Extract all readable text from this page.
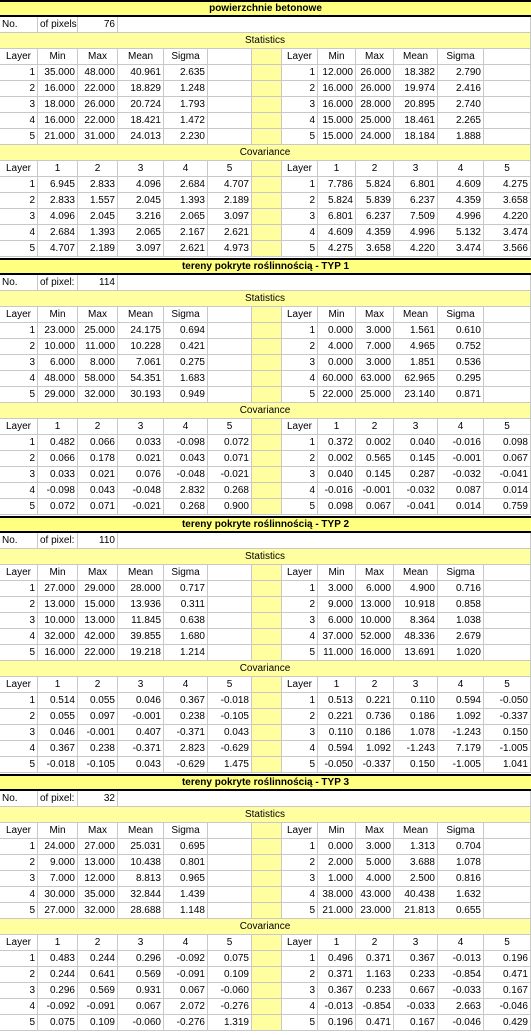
powierzchnie betonowe
No.	of pixels	76
Statistics
Layer	Min	Max	Mean	Sigma	Layer	Min	Max	Mean	Sigma
1 35.000 48.000	40.961	2.635	1 12.000 26.000	18.382	2.790
2 16.000 22.000	18.829	1.248	2 16.000 26.000	19.974	2.416
3 18.000 26.000	20.724	1.793	3 16.000 28.000	20.895	2.740
4 16.000 22.000	18.421	1.472	4 15.000 25.000	18.461	2.265
5 21.000 31.000	24.013	2.230	5 15.000 24.000	18.184	1.888
Covariance
Layer	1	2	3	4	5	Layer	1	2	3	4	5
1	6.945	2.833	4.096	2.684	4.707	1	7.786	5.824	6.801	4.609	4.275
2	2.833	1.557	2.045	1.393	2.189	2	5.824	5.839	6.237	4.359	3.658
3	4.096	2.045	3.216	2.065	3.097	3	6.801	6.237	7.509	4.996	4.220
4	2.684	1.393	2.065	2.167	2.621	4	4.609	4.359	4.996	5.132	3.474
5	4.707	2.189	3.097	2.621	4.973	5	4.275	3.658	4.220	3.474	3.566
tereny pokryte roślinnością - TYP 1
No.	of pixel:	114
Statistics
Layer	Min	Max	Mean	Sigma	Layer	Min	Max	Mean	Sigma
1 23.000 25.000	24.175	0.694	1	0.000	3.000	1.561	0.610
2 10.000	11.000	10.228	0.421	2	4.000	7.000	4.965	0.752
3	6.000	8.000	7.061	0.275	3	0.000	3.000	1.851	0.536
4 48.000 58.000	54.351	1.683	4 60.000 63.000	62.965	0.295
5 29.000 32.000	30.193	0.949	5 22.000 25.000	23.140	0.871
Covariance
Layer	1	2	3	4	5	Layer	1	2	3	4	5
1	0.482	0.066	0.033	-0.098	0.072	1	0.372	0.002	0.040	-0.016	0.098
2	0.066	0.178	0.021	0.043	0.071	2	0.002	0.565	0.145	-0.001	0.067
3	0.033	0.021	0.076	-0.048	-0.021	3	0.040	0.145	0.287	-0.032	-0.041
4	-0.098	0.043	-0.048	2.832	0.268	4 -0.016 -0.001	-0.032	0.087	0.014
5	0.072	0.071	-0.021	0.268	0.900	5	0.098	0.067	-0.041	0.014	0.759
tereny pokryte roślinnością - TYP 2
No.	of pixel:	110
Statistics
Layer	Min	Max	Mean	Sigma	Layer	Min	Max	Mean	Sigma
1 27.000 29.000	28.000	0.717	1	3.000	6.000	4.900	0.716
2 13.000 15.000	13.936	0.311	2	9.000 13.000	10.918	0.858
3 10.000 13.000	11.845	0.638	3	6.000 10.000	8.364	1.038
4 32.000 42.000	39.855	1.680	4 37.000 52.000	48.336	2.679
5 16.000 22.000	19.218	1.214	5 11.000 16.000	13.691	1.020
Covariance
Layer	1	2	3	4	5	Layer	1	2	3	4	5
1	0.514	0.055	0.046	0.367	-0.018	1	0.513	0.221	0.110	0.594	-0.050
2	0.055	0.097	-0.001	0.238	-0.105	2	0.221	0.736	0.186	1.092	-0.337
3	0.046	-0.001	0.407	-0.371	0.043	3	0.110	0.186	1.078	-1.243	0.150
4	0.367	0.238	-0.371	2.823	-0.629	4	0.594	1.092	-1.243	7.179	-1.005
5	-0.018	-0.105	0.043	-0.629	1.475	5 -0.050 -0.337	0.150	-1.005	1.041
tereny pokryte roślinnością - TYP 3
No.	of pixel:	32
Statistics
Layer	Min	Max	Mean	Sigma	Layer	Min	Max	Mean	Sigma
1 24.000 27.000	25.031	0.695	1	0.000	3.000	1.313	0.704
2	9.000 13.000	10.438	0.801	2	2.000	5.000	3.688	1.078
3	7.000 12.000	8.813	0.965	3	1.000	4.000	2.500	0.816
4 30.000 35.000	32.844	1.439	4 38.000 43.000	40.438	1.632
5 27.000 32.000	28.688	1.148	5 21.000 23.000	21.813	0.655
Covariance
Layer	1	2	3	4	5	Layer	1	2	3	4	5
1	0.483	0.244	0.296	-0.092	0.075	1	0.496	0.371	0.367	-0.013	0.196
2	0.244	0.641	0.569	-0.091	0.109	2	0.371	1.163	0.233	-0.854	0.471
3	0.296	0.569	0.931	0.067	-0.060	3	0.367	0.233	0.667	-0.033	0.167
4	-0.092	-0.091	0.067	2.072	-0.276	4 -0.013 -0.854	-0.033	2.663	-0.046
5	0.075	0.109	-0.060	-0.276	1.319	5	0.196	0.471	0.167	-0.046	0.429
